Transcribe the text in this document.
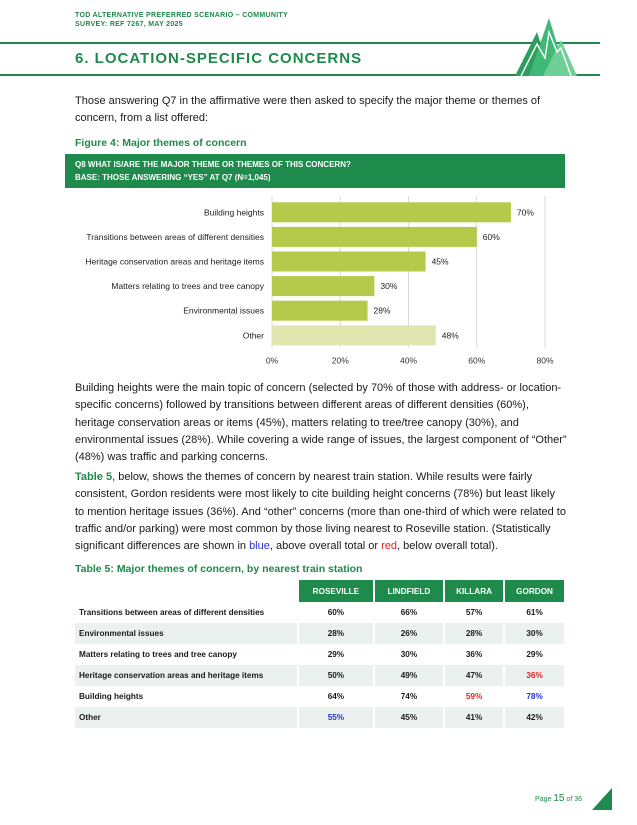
TOD ALTERNATIVE PREFERRED SCENARIO – COMMUNITY
SURVEY: REF 7267, MAY 2025
6. LOCATION-SPECIFIC CONCERNS
Those answering Q7 in the affirmative were then asked to specify the major theme or themes of concern, from a list offered:
Figure 4: Major themes of concern
Q8 WHAT IS/ARE THE MAJOR THEME OR THEMES OF THIS CONCERN?
BASE: THOSE ANSWERING “YES” AT Q7 (N=1,045)
0%	20%	40%	60%	80%
Building heights	70%
Transitions between areas of different densities	60%
Heritage conservation areas and heritage items	45%
Matters relating to trees and tree canopy	30%
Environmental issues	28%
Other	48%
Building heights were the main topic of concern (selected by 70% of those with address- or location-specific concerns) followed by transitions between different areas of different densities (60%), heritage conservation areas or items (45%), matters relating to tree/tree canopy (30%), and environmental issues (28%). While covering a wide range of issues, the largest component of “Other” (48%) was traffic and parking concerns.
Table 5, below, shows the themes of concern by nearest train station. While results were fairly consistent, Gordon residents were most likely to cite building height concerns (78%) but least likely to mention heritage issues (36%). And “other” concerns (more than one-third of which were related to traffic and/or parking) were most common by those living nearest to Roseville station. (Statistically significant differences are shown in blue, above overall total or red, below overall total).
Table 5: Major themes of concern, by nearest train station
	ROSEVILLE	LINDFIELD	KILLARA	GORDON
Transitions between areas of different densities	60%	66%	57%	61%
Environmental issues	28%	26%	28%	30%
Matters relating to trees and tree canopy	29%	30%	36%	29%
Heritage conservation areas and heritage items	50%	49%	47%	36%
Building heights	64%	74%	59%	78%
Other	55%	45%	41%	42%
Page 15 of 36
